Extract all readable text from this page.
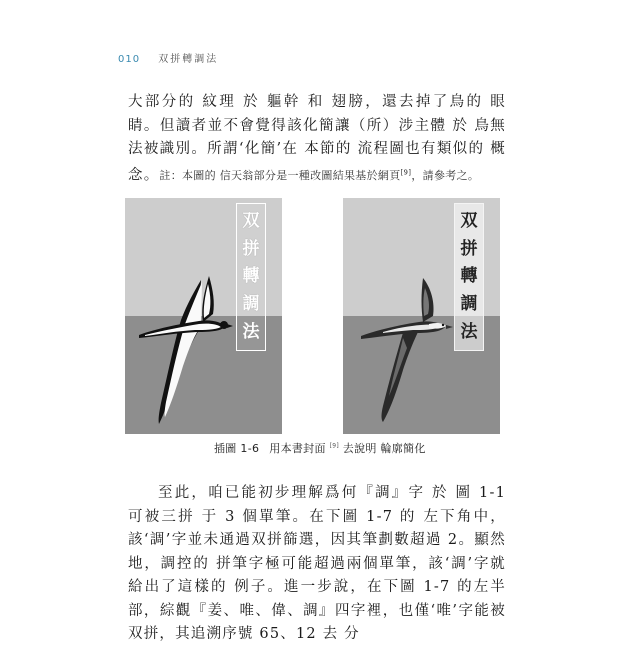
010 双拼轉調法

大部分的 紋理 於 軀幹 和 翅膀，還去掉了鳥的 眼睛。但讀者並不會覺得該化簡讓（所）涉主體 於 鳥無法被識別。所謂‘化簡’在 本節的 流程圖也有類似的 概念。註：本圖的 信天翁部分是一種改圖結果基於網頁[9]，請參考之。

双
拼
轉
調
法
双
拼
轉
調
法
插圖 1-6 用本書封面 [9] 去說明 輪廓簡化

至此，咱已能初步理解爲何『調』字 於 圖 1-1 可被三拼 于 3 個單筆。在下圖 1-7 的 左下角中，該‘調’字並未通過双拼篩選，因其筆劃數超過 2。顯然地，調控的 拼筆字極可能超過兩個單筆，該‘調’字就給出了這樣的 例子。進一步說，在下圖 1-7 的左半部，綜觀『姜、唯、偉、調』四字裡，也僅‘唯’字能被双拼，其追溯序號 65、12 去 分
